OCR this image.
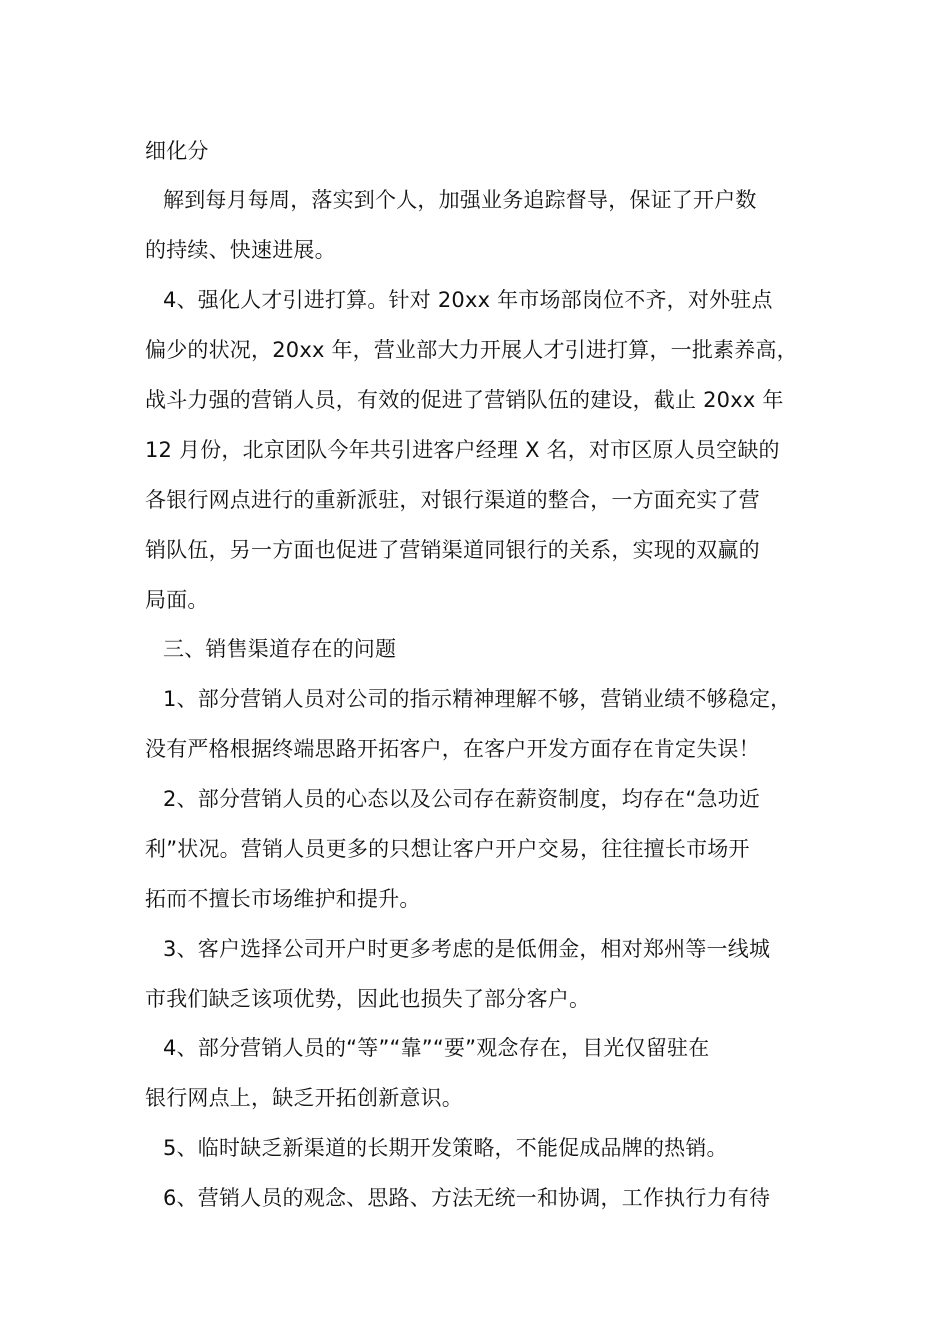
细化分
解到每月每周，落实到个人，加强业务追踪督导，保证了开户数
的持续、快速进展。
4、强化人才引进打算。针对 20xx 年市场部岗位不齐，对外驻点
偏少的状况，20xx 年，营业部大力开展人才引进打算，一批素养高，
战斗力强的营销人员，有效的促进了营销队伍的建设，截止 20xx 年
12 月份，北京团队今年共引进客户经理 X 名，对市区原人员空缺的
各银行网点进行的重新派驻，对银行渠道的整合，一方面充实了营
销队伍，另一方面也促进了营销渠道同银行的关系，实现的双赢的
局面。
三、销售渠道存在的问题
1、部分营销人员对公司的指示精神理解不够，营销业绩不够稳定，
没有严格根据终端思路开拓客户，在客户开发方面存在肯定失误！
2、部分营销人员的心态以及公司存在薪资制度，均存在“急功近
利”状况。营销人员更多的只想让客户开户交易，往往擅长市场开
拓而不擅长市场维护和提升。
3、客户选择公司开户时更多考虑的是低佣金，相对郑州等一线城
市我们缺乏该项优势，因此也损失了部分客户。
4、部分营销人员的“等”“靠”“要”观念存在，目光仅留驻在
银行网点上，缺乏开拓创新意识。
5、临时缺乏新渠道的长期开发策略，不能促成品牌的热销。
6、营销人员的观念、思路、方法无统一和协调，工作执行力有待
